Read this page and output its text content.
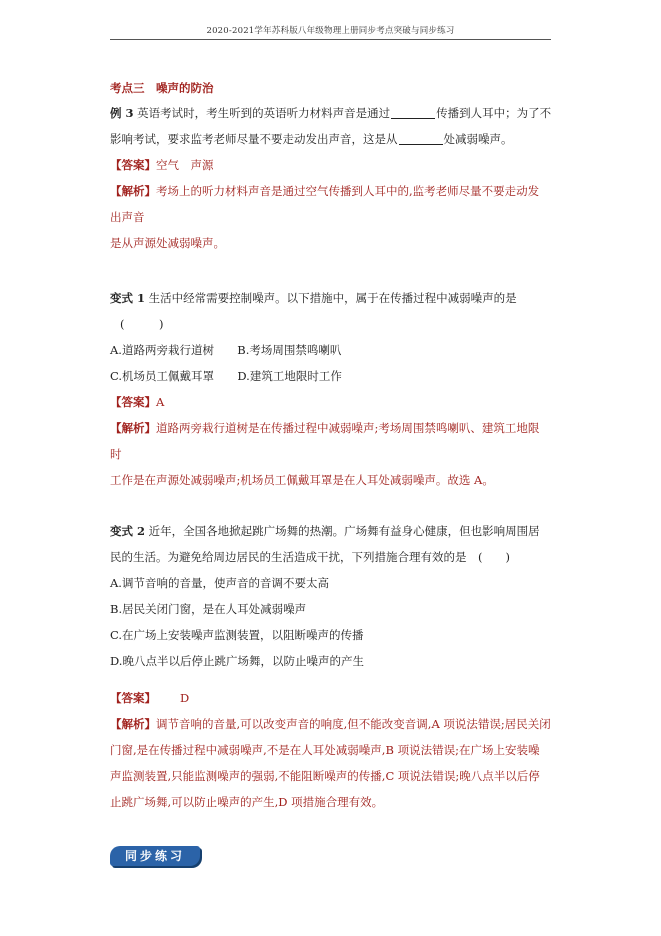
2020-2021学年苏科版八年级物理上册同步考点突破与同步练习
考点三　噪声的防治
例 3 英语考试时，考生听到的英语听力材料声音是通过	传播到人耳中；为了不
影响考试，要求监考老师尽量不要走动发出声音，这是从	处减弱噪声。
【答案】空气　声源
【解析】考场上的听力材料声音是通过空气传播到人耳中的,监考老师尽量不要走动发
出声音
是从声源处减弱噪声。
变式 1 生活中经常需要控制噪声。以下措施中，属于在传播过程中减弱噪声的是
(　　　)
A.道路两旁栽行道树 B.考场周围禁鸣喇叭
C.机场员工佩戴耳罩 D.建筑工地限时工作
【答案】A
【解析】道路两旁栽行道树是在传播过程中减弱噪声;考场周围禁鸣喇叭、建筑工地限
时
工作是在声源处减弱噪声;机场员工佩戴耳罩是在人耳处减弱噪声。故选 A。
变式 2 近年，全国各地掀起跳广场舞的热潮。广场舞有益身心健康，但也影响周围居
民的生活。为避免给周边居民的生活造成干扰，下列措施合理有效的是　(　　)
A.调节音响的音量，使声音的音调不要太高
B.居民关闭门窗，是在人耳处减弱噪声
C.在广场上安装噪声监测装置，以阻断噪声的传播
D.晚八点半以后停止跳广场舞，以防止噪声的产生
【答案】 D
【解析】调节音响的音量,可以改变声音的响度,但不能改变音调,A 项说法错误;居民关闭
门窗,是在传播过程中减弱噪声,不是在人耳处减弱噪声,B 项说法错误;在广场上安装噪
声监测装置,只能监测噪声的强弱,不能阻断噪声的传播,C 项说法错误;晚八点半以后停
止跳广场舞,可以防止噪声的产生,D 项措施合理有效。
同步练习
